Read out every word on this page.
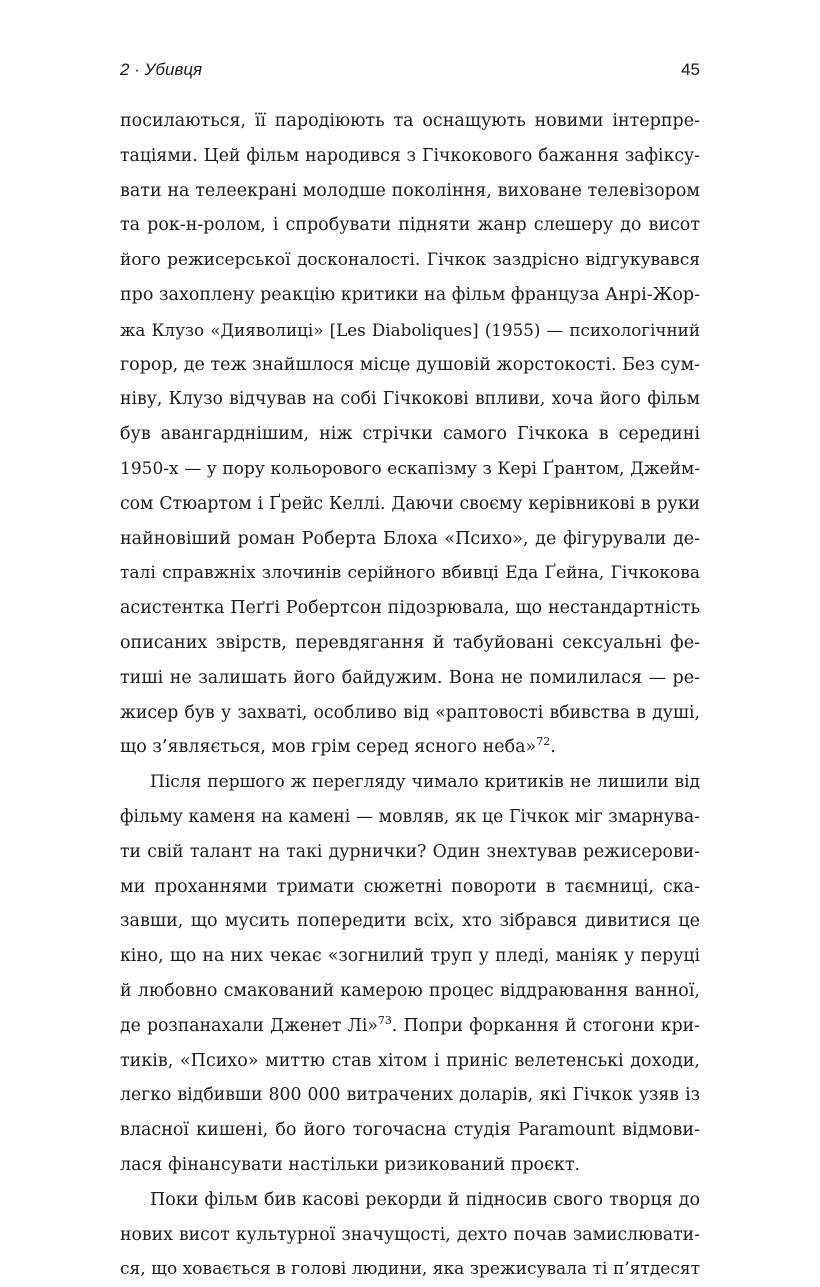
2 · Убивця	45
посилаються, її пародіюють та оснащують новими інтерпре-
таціями. Цей фільм народився з Гічкокового бажання зафіксу-
вати на телеекрані молодше покоління, виховане телевізором
та рок-н-ролом, і спробувати підняти жанр слешеру до висот
його режисерської досконалості. Гічкок заздрісно відгукувався
про захоплену реакцію критики на фільм француза Анрі-Жор-
жа Клузо «Дияволиці» [Les Diaboliques] (1955) — психологічний
горор, де теж знайшлося місце душовій жорстокості. Без сум-
ніву, Клузо відчував на собі Гічкокові впливи, хоча його фільм
був авангарднішим, ніж стрічки самого Гічкока в середині
1950-х — у пору кольорового ескапізму з Кері Ґрантом, Джейм-
сом Стюартом і Ґрейс Келлі. Даючи своєму керівникові в руки
найновіший роман Роберта Блоха «Психо», де фігурували де-
талі справжніх злочинів серійного вбивці Еда Ґейна, Гічкокова
асистентка Пеґґі Робертсон підозрювала, що нестандартність
описаних звірств, перевдягання й табуйовані сексуальні фе-
тиші не залишать його байдужим. Вона не помилилася — ре-
жисер був у захваті, особливо від «раптовості вбивства в душі,
що з’являється, мов грім серед ясного неба»$^{72}$.
Після першого ж перегляду чимало критиків не лишили від
фільму каменя на камені — мовляв, як це Гічкок міг змарнува-
ти свій талант на такі дурнички? Один знехтував режисерови-
ми проханнями тримати сюжетні повороти в таємниці, ска-
завши, що мусить попередити всіх, хто зібрався дивитися це
кіно, що на них чекає «зогнилий труп у пледі, маніяк у перуці
й любовно смакований камерою процес віддраювання ванної,
де розпанахали Дженет Лі»$^{73}$. Попри форкання й стогони кри-
тиків, «Психо» миттю став хітом і приніс велетенські доходи,
легко відбивши 800 000 витрачених доларів, які Гічкок узяв із
власної кишені, бо його тогочасна студія Paramount відмови-
лася фінансувати настільки ризикований проєкт.
Поки фільм бив касові рекорди й підносив свого творця до
нових висот культурної значущості, дехто почав замислювати-
ся, що ховається в голові людини, яка зрежисувала ті п’ятдесят
